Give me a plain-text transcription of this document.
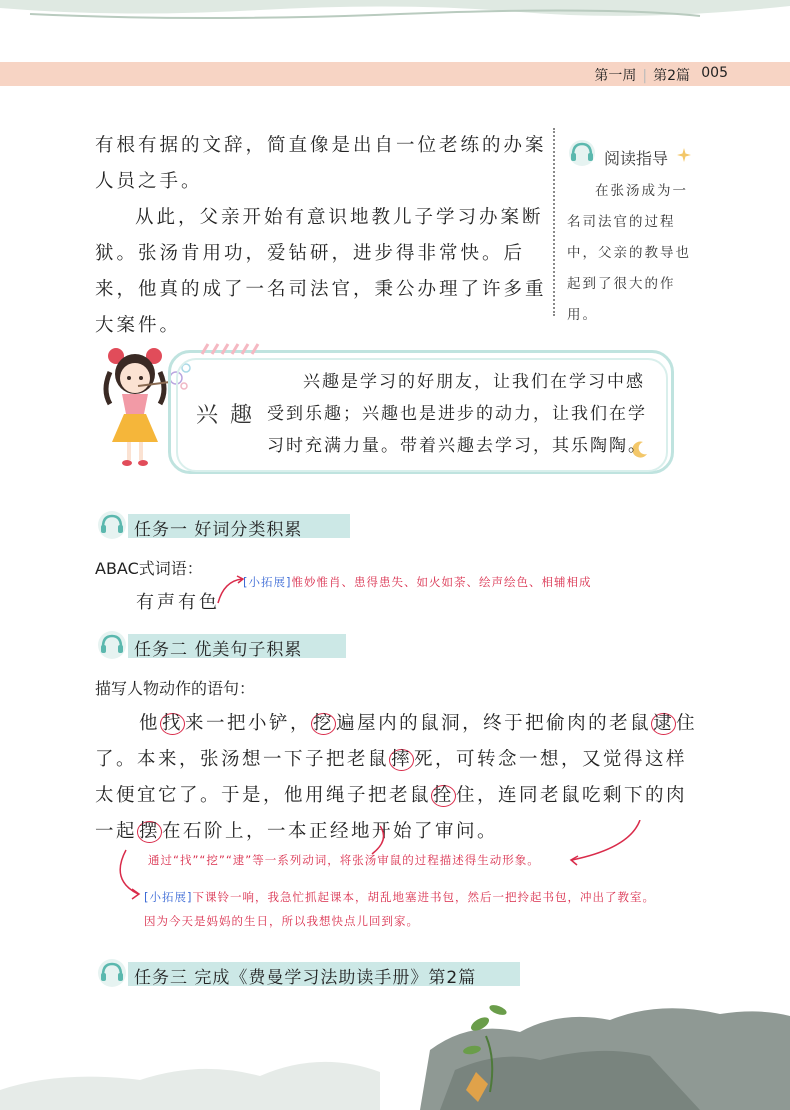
第一周 | 第2篇 005
有根有据的文辞，简直像是出自一位老练的办案人员之手。
从此，父亲开始有意识地教儿子学习办案断狱。张汤肯用功，爱钻研，进步得非常快。后来，他真的成了一名司法官，秉公办理了许多重大案件。
阅读指导
在张汤成为一名司法官的过程中，父亲的教导也起到了很大的作用。
兴趣
兴趣是学习的好朋友，让我们在学习中感受到乐趣；兴趣也是进步的动力，让我们在学习时充满力量。带着兴趣去学习，其乐陶陶。
任务一 好词分类积累
ABAC式词语：
有声有色
[小拓展]惟妙惟肖、患得患失、如火如荼、绘声绘色、相辅相成
任务二 优美句子积累
描写人物动作的语句：
他 找 来一把小铲， 挖 遍屋内的鼠洞，终于把偷肉的老鼠 逮 住了。本来，张汤想一下子把老鼠 摔 死，可转念一想，又觉得这样太便宜它了。于是，他用绳子把老鼠 拴 住，连同老鼠吃剩下的肉一起 摆 在石阶上，一本正经地开始了审问。
通过“找”“挖”“逮”等一系列动词，将张汤审鼠的过程描述得生动形象。
[小拓展]下课铃一响，我急忙抓起课本，胡乱地塞进书包，然后一把拎起书包，冲出了教室。因为今天是妈妈的生日，所以我想快点儿回到家。
任务三 完成《费曼学习法助读手册》第2篇
